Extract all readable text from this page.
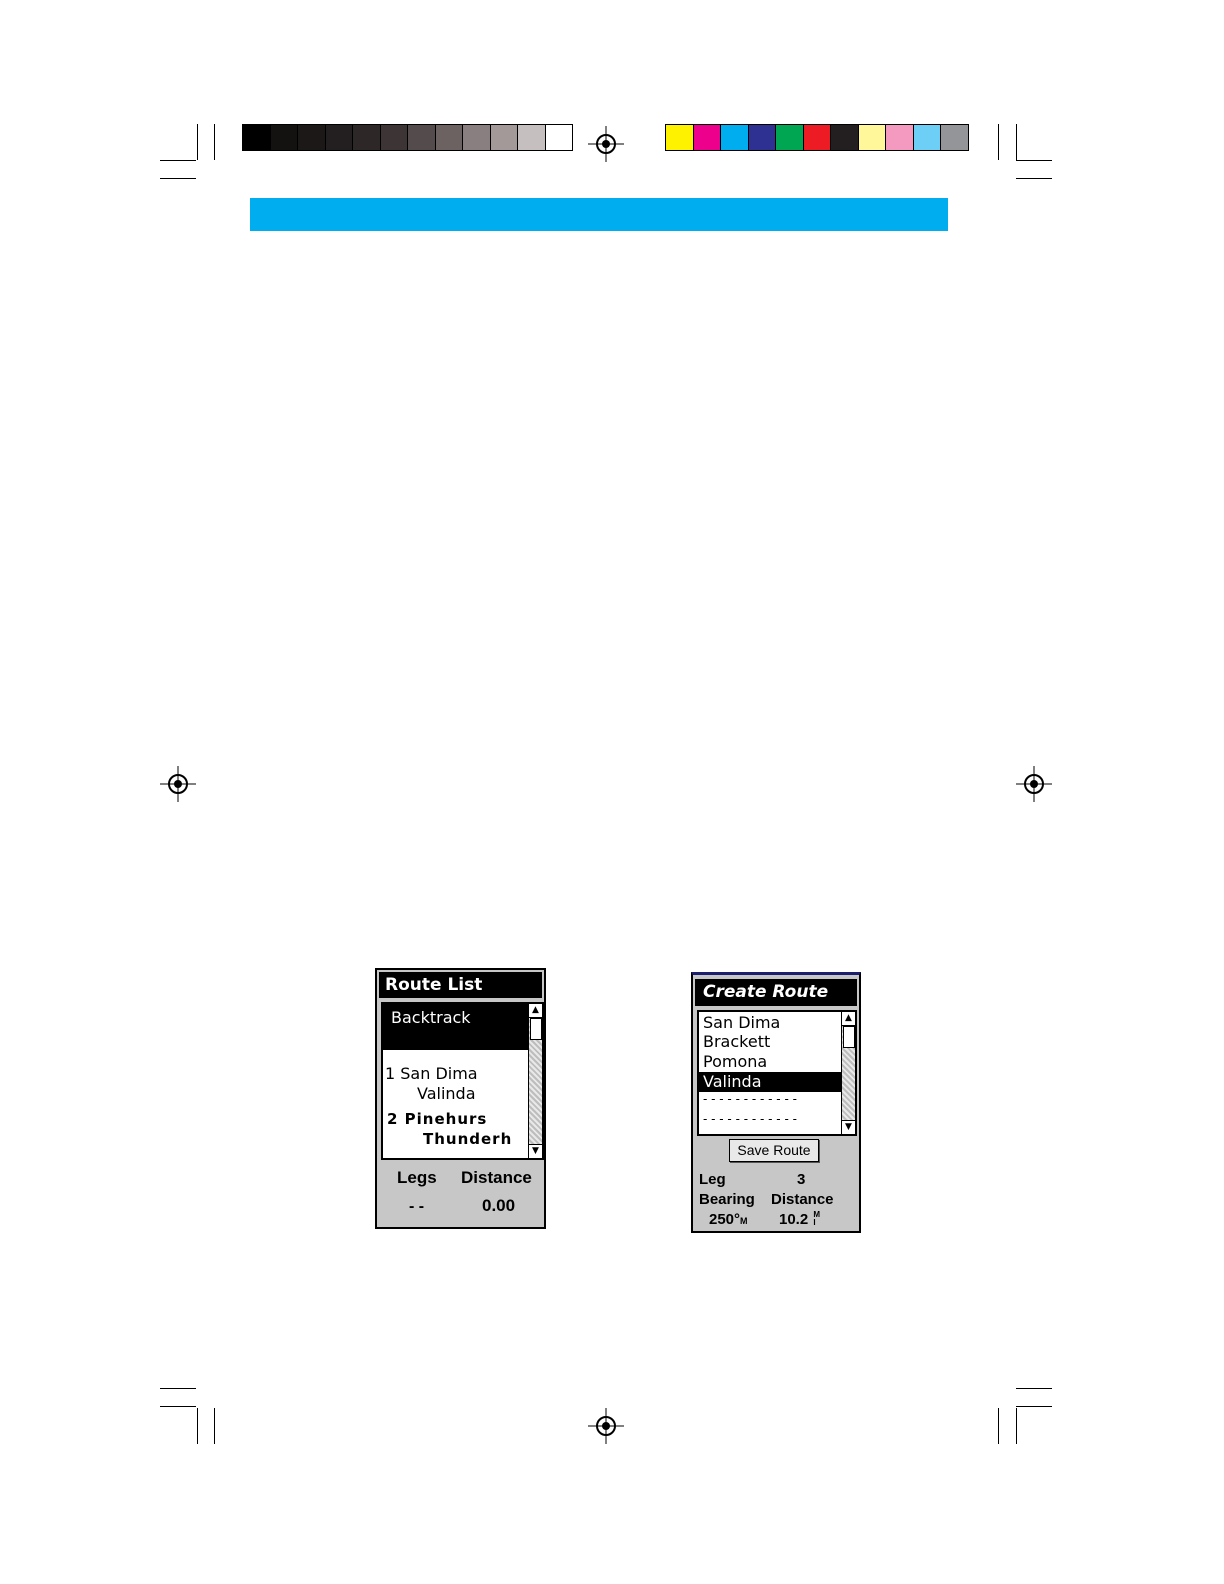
Route List
Backtrack
1 San Dima
Valinda
2 Pinehurs
Thunderh
▲
▼
Legs Distance
- -	0.00
Create Route
San Dima
Brackett
Pomona
Valinda
- - - - - - - - - - - -
- - - - - - - - - - - -
▲
▼
Save Route
Leg	3
Bearing Distance
250°M 10.2 M
I
